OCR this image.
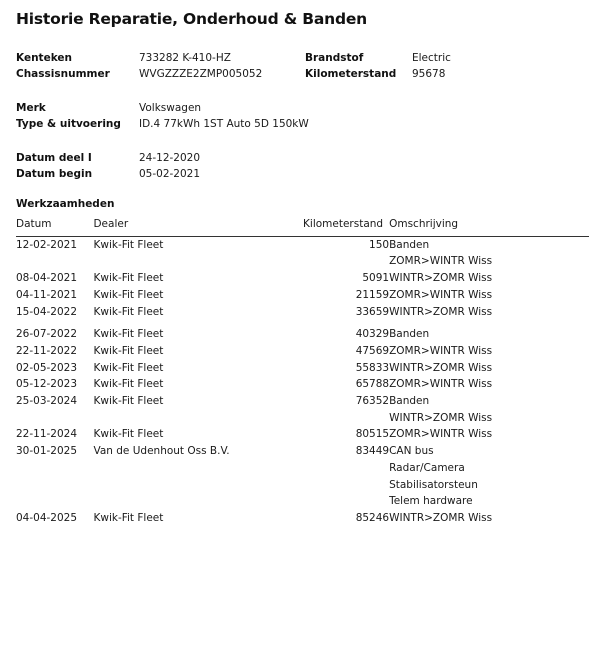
Historie Reparatie, Onderhoud & Banden
Kenteken	733282 K-410-HZ	Brandstof	Electric
Chassisnummer	WVGZZZE2ZMP005052	Kilometerstand	95678
Merk	Volkswagen
Type & uitvoering	ID.4 77kWh 1ST Auto 5D 150kW
Datum deel I	24-12-2020
Datum begin	05-02-2021
Werkzaamheden
Datum	Dealer	Kilometerstand	Omschrijving
12-02-2021	Kwik-Fit Fleet	150	Banden
			ZOMR>WINTR Wiss
08-04-2021	Kwik-Fit Fleet	5091	WINTR>ZOMR Wiss
04-11-2021	Kwik-Fit Fleet	21159	ZOMR>WINTR Wiss
15-04-2022	Kwik-Fit Fleet	33659	WINTR>ZOMR Wiss
26-07-2022	Kwik-Fit Fleet	40329	Banden
22-11-2022	Kwik-Fit Fleet	47569	ZOMR>WINTR Wiss
02-05-2023	Kwik-Fit Fleet	55833	WINTR>ZOMR Wiss
05-12-2023	Kwik-Fit Fleet	65788	ZOMR>WINTR Wiss
25-03-2024	Kwik-Fit Fleet	76352	Banden
			WINTR>ZOMR Wiss
22-11-2024	Kwik-Fit Fleet	80515	ZOMR>WINTR Wiss
30-01-2025	Van de Udenhout Oss B.V.	83449	CAN bus
			Radar/Camera
			Stabilisatorsteun
			Telem hardware
04-04-2025	Kwik-Fit Fleet	85246	WINTR>ZOMR Wiss
